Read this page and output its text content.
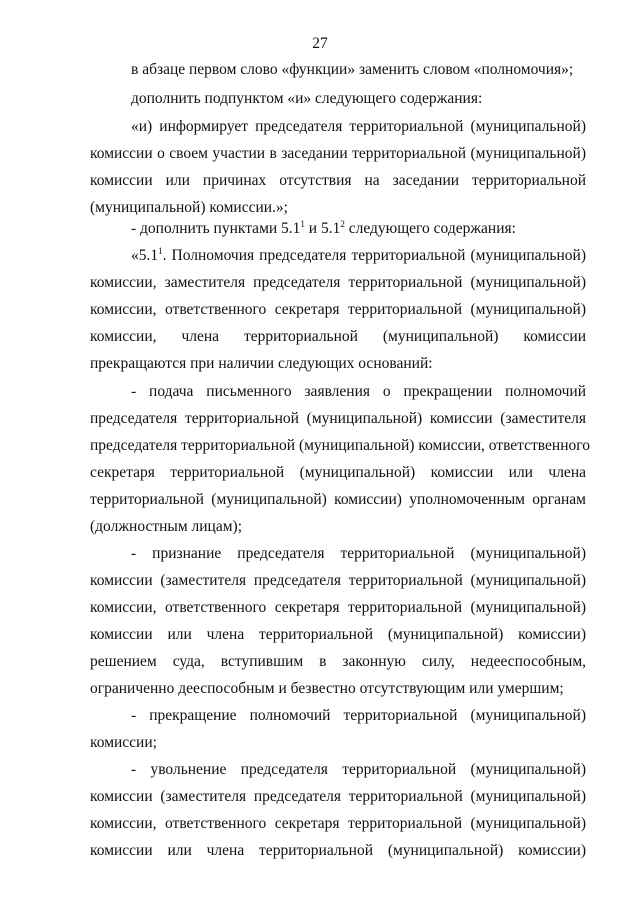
27
в абзаце первом слово «функции» заменить словом «полномочия»;
дополнить подпунктом «и» следующего содержания:
«и) информирует председателя территориальной (муниципальной)
комиссии о своем участии в заседании территориальной (муниципальной)
комиссии или причинах отсутствия на заседании территориальной
(муниципальной) комиссии.»;
- дополнить пунктами $5.1^1$ и $5.1^2$ следующего содержания:
«$5.1^1$. Полномочия председателя территориальной (муниципальной)
комиссии, заместителя председателя территориальной (муниципальной)
комиссии, ответственного секретаря территориальной (муниципальной)
комиссии, члена территориальной (муниципальной) комиссии
прекращаются при наличии следующих оснований:
- подача письменного заявления о прекращении полномочий
председателя территориальной (муниципальной) комиссии (заместителя
председателя территориальной (муниципальной) комиссии, ответственного
секретаря территориальной (муниципальной) комиссии или члена
территориальной (муниципальной) комиссии) уполномоченным органам
(должностным лицам);
- признание председателя территориальной (муниципальной)
комиссии (заместителя председателя территориальной (муниципальной)
комиссии, ответственного секретаря территориальной (муниципальной)
комиссии или члена территориальной (муниципальной) комиссии)
решением суда, вступившим в законную силу, недееспособным,
ограниченно дееспособным и безвестно отсутствующим или умершим;
- прекращение полномочий территориальной (муниципальной)
комиссии;
- увольнение председателя территориальной (муниципальной)
комиссии (заместителя председателя территориальной (муниципальной)
комиссии, ответственного секретаря территориальной (муниципальной)
комиссии или члена территориальной (муниципальной) комиссии)
